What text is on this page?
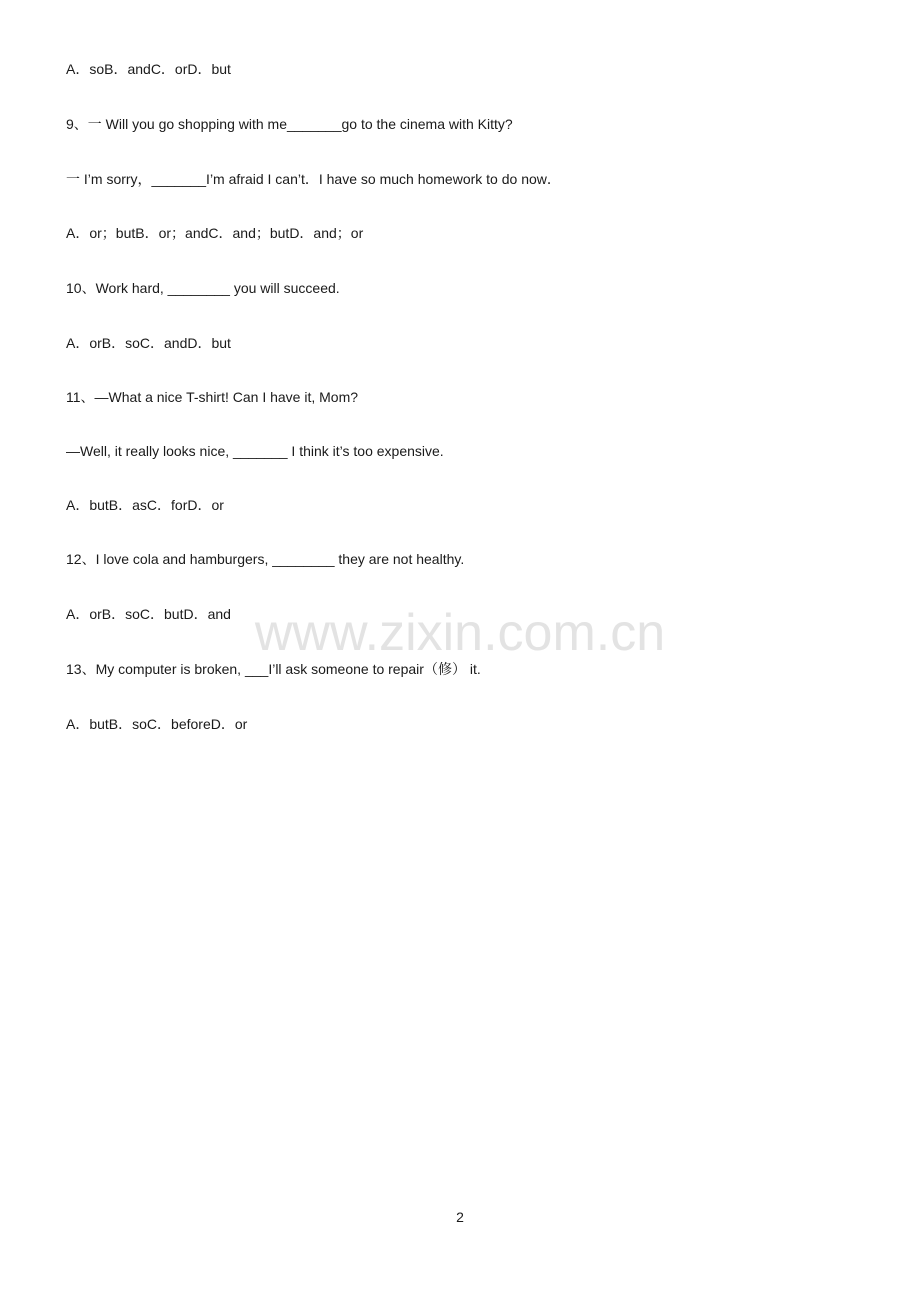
www.zixin.com.cn
A．soB．andC．orD．but
9、一 Will you go shopping with me_______go to the cinema with Kitty?
一 I’m sorry，_______I’m afraid I can’t．I have so much homework to do now．
A．or；butB．or；andC．and；butD．and；or
10、Work hard, ________ you will succeed.
A．orB．soC．andD．but
11、—What a nice T-shirt! Can I have it, Mom?
—Well, it really looks nice, _______ I think it’s too expensive.
A．butB．asC．forD．or
12、I love cola and hamburgers, ________ they are not healthy.
A．orB．soC．butD．and
13、My computer is broken, ___I’ll ask someone to repair（修） it.
A．butB．soC．beforeD．or
2
